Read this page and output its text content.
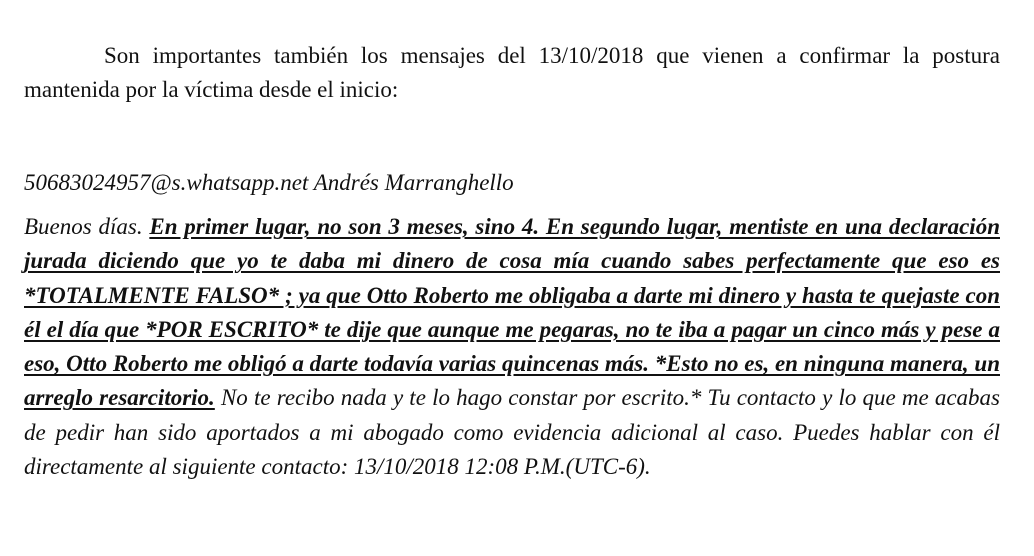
Son importantes también los mensajes del 13/10/2018 que vienen a confirmar la postura mantenida por la víctima desde el inicio:

50683024957@s.whatsapp.net Andrés Marranghello

Buenos días. En primer lugar, no son 3 meses, sino 4. En segundo lugar, mentiste en una declaración jurada diciendo que yo te daba mi dinero de cosa mía cuando sabes perfectamente que eso es *TOTALMENTE FALSO* ; ya que Otto Roberto me obligaba a darte mi dinero y hasta te quejaste con él el día que *POR ESCRITO* te dije que aunque me pegaras, no te iba a pagar un cinco más y pese a eso, Otto Roberto me obligó a darte todavía varias quincenas más. *Esto no es, en ninguna manera, un arreglo resarcitorio. No te recibo nada y te lo hago constar por escrito.* Tu contacto y lo que me acabas de pedir han sido aportados a mi abogado como evidencia adicional al caso. Puedes hablar con él directamente al siguiente contacto: 13/10/2018 12:08 P.M.(UTC-6).
